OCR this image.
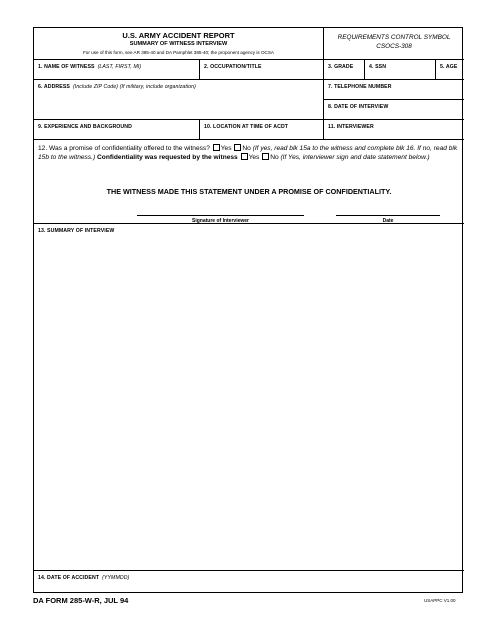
U.S. ARMY ACCIDENT REPORT
SUMMARY OF WITNESS INTERVIEW
For use of this form, see AR 385-40 and DA Pamphlet 385-40; the proponent agency is OCSA
REQUIREMENTS CONTROL SYMBOL
CSOCS-308
1. NAME OF WITNESS (LAST, FIRST, MI)	2. OCCUPATION/TITLE	3. GRADE	4. SSN	5. AGE
6. ADDRESS (Include ZIP Code) (If military, include organization)	7. TELEPHONE NUMBER
8. DATE OF INTERVIEW
9. EXPERIENCE AND BACKGROUND	10. LOCATION AT TIME OF ACDT	11. INTERVIEWER
12. Was a promise of confidentiality offered to the witness? Yes No (If yes, read blk 15a to the witness and complete blk 16. If no, read blk 15b to the witness.) Confidentiality was requested by the witness Yes No (If Yes, interviewer sign and date statement below.)
THE WITNESS MADE THIS STATEMENT UNDER A PROMISE OF CONFIDENTIALITY.
Signature of Interviewer	Date
13. SUMMARY OF INTERVIEW
14. DATE OF ACCIDENT (YYMMDD)
DA FORM 285-W-R, JUL 94	USAPPC V1.00
